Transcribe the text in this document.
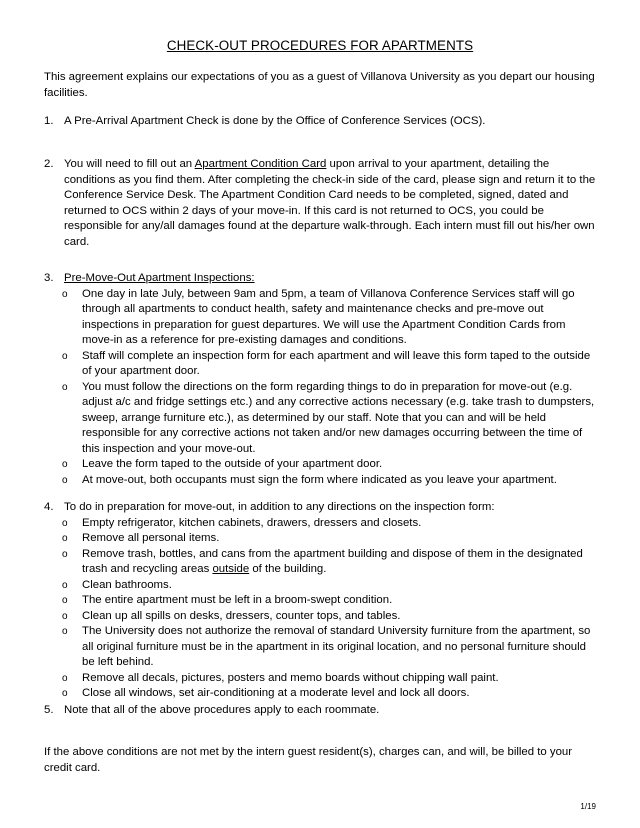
CHECK-OUT PROCEDURES FOR APARTMENTS
This agreement explains our expectations of you as a guest of Villanova University as you depart our housing facilities.
1. A Pre-Arrival Apartment Check is done by the Office of Conference Services (OCS).
2. You will need to fill out an Apartment Condition Card upon arrival to your apartment, detailing the conditions as you find them. After completing the check-in side of the card, please sign and return it to the Conference Service Desk. The Apartment Condition Card needs to be completed, signed, dated and returned to OCS within 2 days of your move-in. If this card is not returned to OCS, you could be responsible for any/all damages found at the departure walk-through. Each intern must fill out his/her own card.
3. Pre-Move-Out Apartment Inspections:
o One day in late July, between 9am and 5pm, a team of Villanova Conference Services staff will go through all apartments to conduct health, safety and maintenance checks and pre-move out inspections in preparation for guest departures. We will use the Apartment Condition Cards from move-in as a reference for pre-existing damages and conditions.
o Staff will complete an inspection form for each apartment and will leave this form taped to the outside of your apartment door.
o You must follow the directions on the form regarding things to do in preparation for move-out (e.g. adjust a/c and fridge settings etc.) and any corrective actions necessary (e.g. take trash to dumpsters, sweep, arrange furniture etc.), as determined by our staff. Note that you can and will be held responsible for any corrective actions not taken and/or new damages occurring between the time of this inspection and your move-out.
o Leave the form taped to the outside of your apartment door.
o At move-out, both occupants must sign the form where indicated as you leave your apartment.
4. To do in preparation for move-out, in addition to any directions on the inspection form:
o Empty refrigerator, kitchen cabinets, drawers, dressers and closets.
o Remove all personal items.
o Remove trash, bottles, and cans from the apartment building and dispose of them in the designated trash and recycling areas outside of the building.
o Clean bathrooms.
o The entire apartment must be left in a broom-swept condition.
o Clean up all spills on desks, dressers, counter tops, and tables.
o The University does not authorize the removal of standard University furniture from the apartment, so all original furniture must be in the apartment in its original location, and no personal furniture should be left behind.
o Remove all decals, pictures, posters and memo boards without chipping wall paint.
o Close all windows, set air-conditioning at a moderate level and lock all doors.
5. Note that all of the above procedures apply to each roommate.
If the above conditions are not met by the intern guest resident(s), charges can, and will, be billed to your credit card.
1/19
